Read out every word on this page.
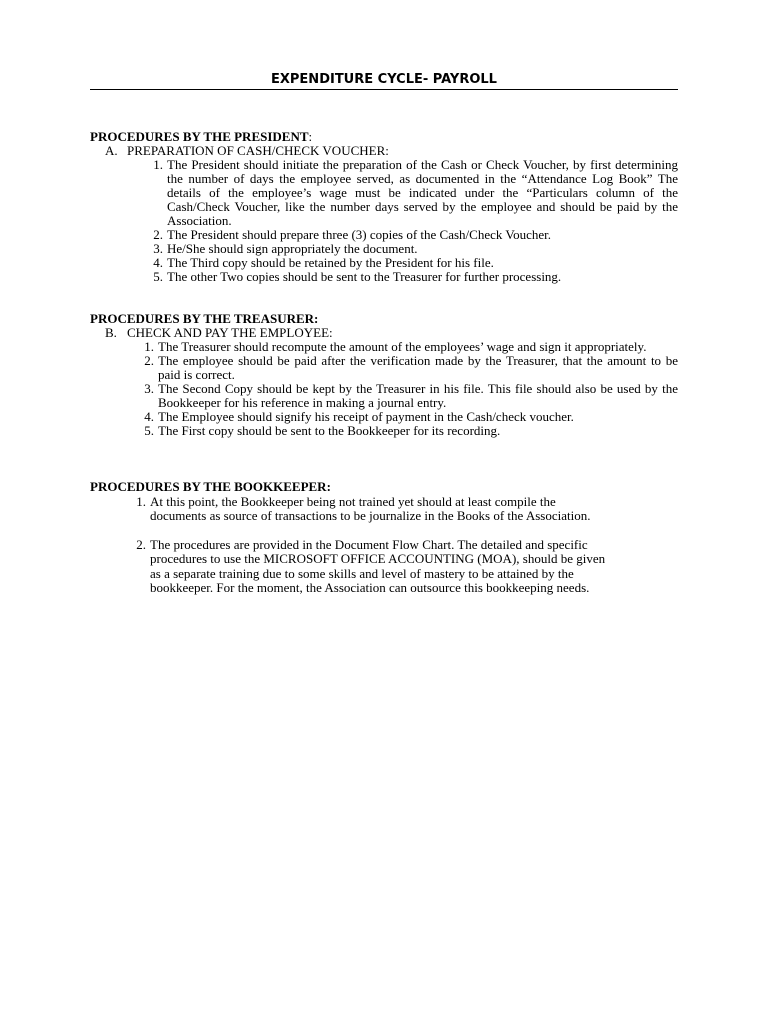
EXPENDITURE CYCLE- PAYROLL
PROCEDURES BY THE PRESIDENT:
A. PREPARATION OF CASH/CHECK VOUCHER:
1. The President should initiate the preparation of the Cash or Check Voucher, by first determining the number of days the employee served, as documented in the “Attendance Log Book” The details of the employee’s wage must be indicated under the “Particulars column of the Cash/Check Voucher, like the number days served by the employee and should be paid by the Association.
2. The President should prepare three (3) copies of the Cash/Check Voucher.
3. He/She should sign appropriately the document.
4. The Third copy should be retained by the President for his file.
5. The other Two copies should be sent to the Treasurer for further processing.
PROCEDURES BY THE TREASURER:
B. CHECK AND PAY THE EMPLOYEE:
1. The Treasurer should recompute the amount of the employees’ wage and sign it appropriately.
2. The employee should be paid after the verification made by the Treasurer, that the amount to be paid is correct.
3. The Second Copy should be kept by the Treasurer in his file. This file should also be used by the Bookkeeper for his reference in making a journal entry.
4. The Employee should signify his receipt of payment in the Cash/check voucher.
5. The First copy should be sent to the Bookkeeper for its recording.
PROCEDURES BY THE BOOKKEEPER:
1. At this point, the Bookkeeper being not trained yet should at least compile the
documents as source of transactions to be journalize in the Books of the Association.
2. The procedures are provided in the Document Flow Chart. The detailed and specific
procedures to use the MICROSOFT OFFICE ACCOUNTING (MOA), should be given
as a separate training due to some skills and level of mastery to be attained by the
bookkeeper. For the moment, the Association can outsource this bookkeeping needs.
